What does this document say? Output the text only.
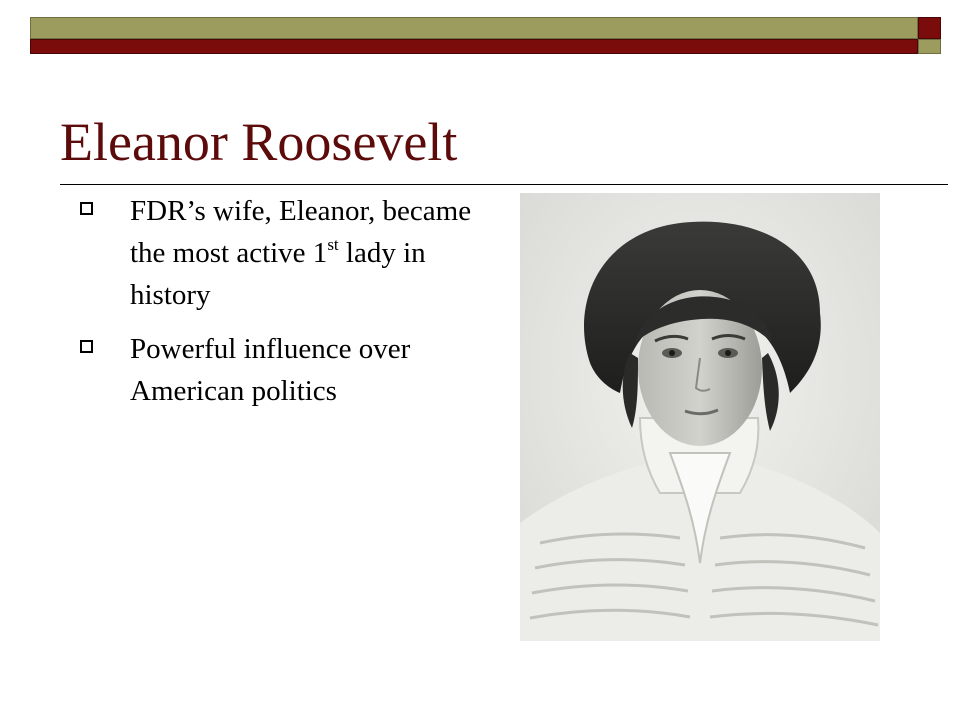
Eleanor Roosevelt
FDR’s wife, Eleanor, became the most active 1st lady in history
Powerful influence over American politics
